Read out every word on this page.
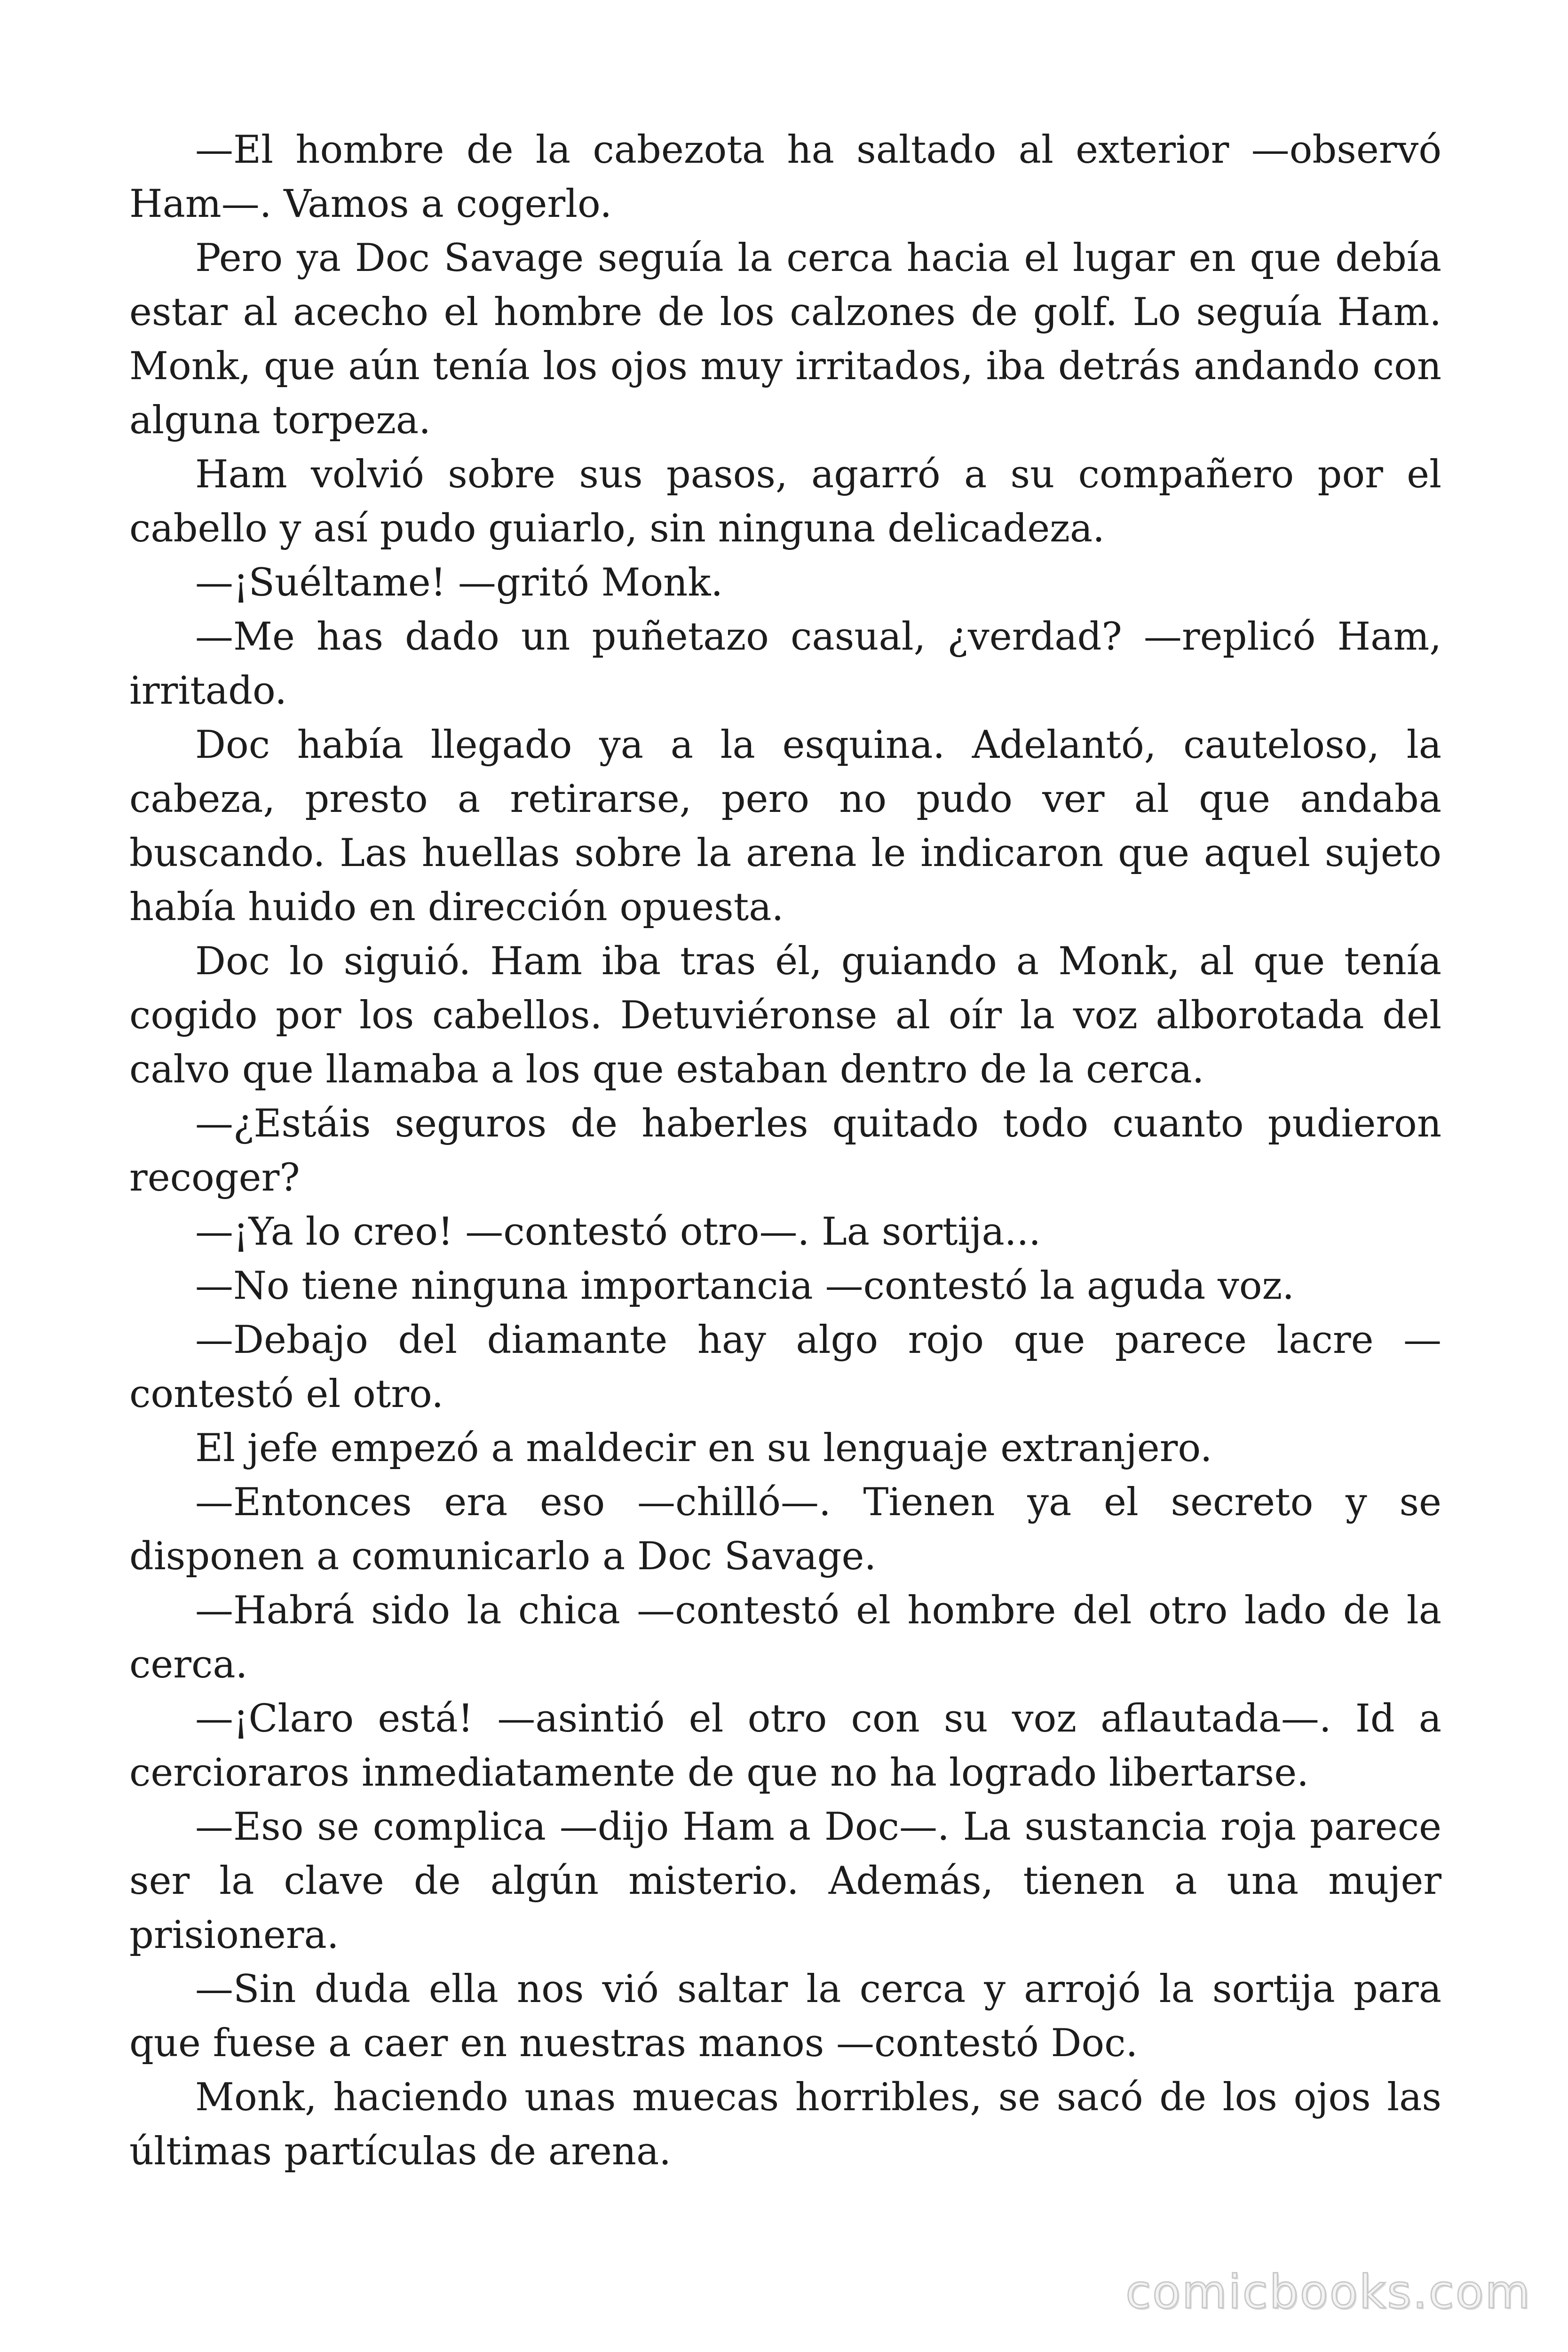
—El hombre de la cabezota ha saltado al exterior —observó Ham—. Vamos a cogerlo.

Pero ya Doc Savage seguía la cerca hacia el lugar en que debía estar al acecho el hombre de los calzones de golf. Lo seguía Ham. Monk, que aún tenía los ojos muy irritados, iba detrás andando con alguna torpeza.

Ham volvió sobre sus pasos, agarró a su compañero por el cabello y así pudo guiarlo, sin ninguna delicadeza.

—¡Suéltame! —gritó Monk.

—Me has dado un puñetazo casual, ¿verdad? —replicó Ham, irritado.

Doc había llegado ya a la esquina. Adelantó, cauteloso, la cabeza, presto a retirarse, pero no pudo ver al que andaba buscando. Las huellas sobre la arena le indicaron que aquel sujeto había huido en dirección opuesta.

Doc lo siguió. Ham iba tras él, guiando a Monk, al que tenía cogido por los cabellos. Detuviéronse al oír la voz alborotada del calvo que llamaba a los que estaban dentro de la cerca.

—¿Estáis seguros de haberles quitado todo cuanto pudieron recoger?

—¡Ya lo creo! —contestó otro—. La sortija...

—No tiene ninguna importancia —contestó la aguda voz.

—Debajo del diamante hay algo rojo que parece lacre —contestó el otro.

El jefe empezó a maldecir en su lenguaje extranjero.

—Entonces era eso —chilló—. Tienen ya el secreto y se disponen a comunicarlo a Doc Savage.

—Habrá sido la chica —contestó el hombre del otro lado de la cerca.

—¡Claro está! —asintió el otro con su voz aflautada—. Id a cercioraros inmediatamente de que no ha logrado libertarse.

—Eso se complica —dijo Ham a Doc—. La sustancia roja parece ser la clave de algún misterio. Además, tienen a una mujer prisionera.

—Sin duda ella nos vió saltar la cerca y arrojó la sortija para que fuese a caer en nuestras manos —contestó Doc.

Monk, haciendo unas muecas horribles, se sacó de los ojos las últimas partículas de arena.

comicbooks.com
